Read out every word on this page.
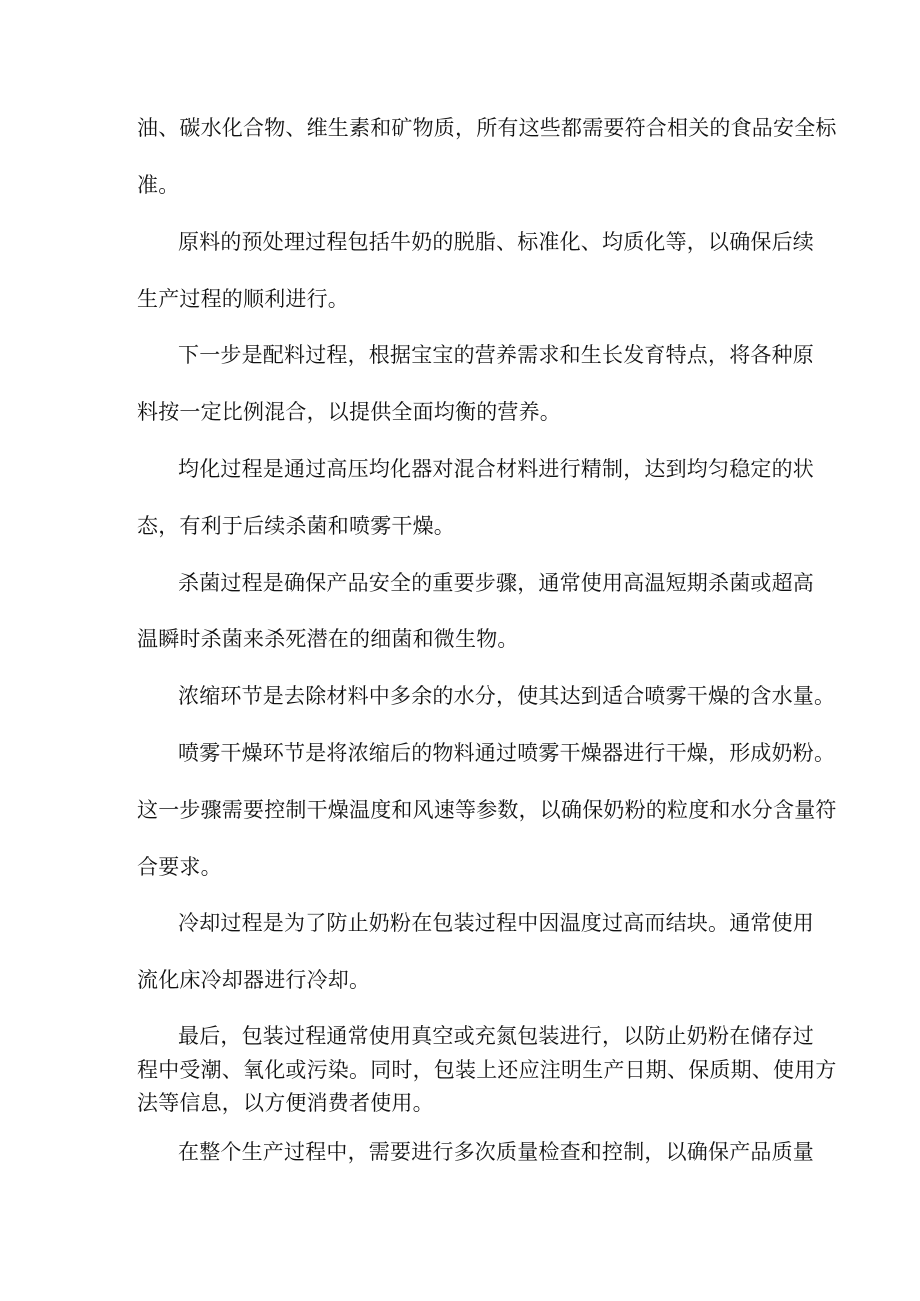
油、碳水化合物、维生素和矿物质，所有这些都需要符合相关的食品安全标
准。
原料的预处理过程包括牛奶的脱脂、标准化、均质化等，以确保后续
生产过程的顺利进行。
下一步是配料过程，根据宝宝的营养需求和生长发育特点，将各种原
料按一定比例混合，以提供全面均衡的营养。
均化过程是通过高压均化器对混合材料进行精制，达到均匀稳定的状
态，有利于后续杀菌和喷雾干燥。
杀菌过程是确保产品安全的重要步骤，通常使用高温短期杀菌或超高
温瞬时杀菌来杀死潜在的细菌和微生物。
浓缩环节是去除材料中多余的水分，使其达到适合喷雾干燥的含水量。
喷雾干燥环节是将浓缩后的物料通过喷雾干燥器进行干燥，形成奶粉。
这一步骤需要控制干燥温度和风速等参数，以确保奶粉的粒度和水分含量符
合要求。
冷却过程是为了防止奶粉在包装过程中因温度过高而结块。通常使用
流化床冷却器进行冷却。
最后，包装过程通常使用真空或充氮包装进行，以防止奶粉在储存过
程中受潮、氧化或污染。同时，包装上还应注明生产日期、保质期、使用方
法等信息，以方便消费者使用。
在整个生产过程中，需要进行多次质量检查和控制，以确保产品质量
